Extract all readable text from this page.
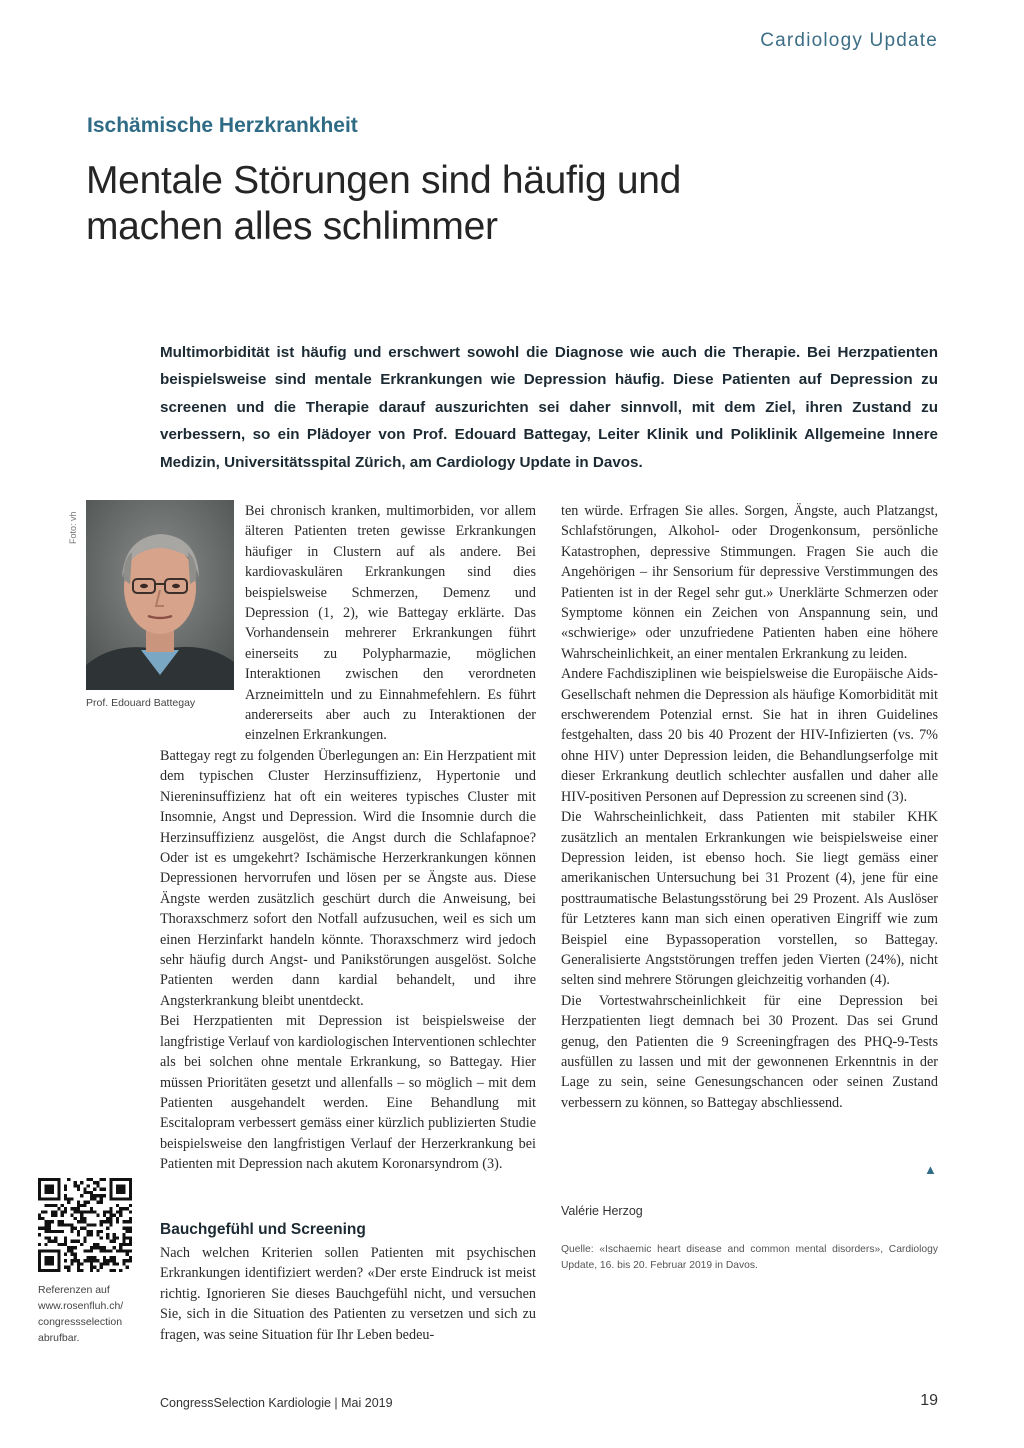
Cardiology Update
Ischämische Herzkrankheit
Mentale Störungen sind häufig und machen alles schlimmer

Multimorbidität ist häufig und erschwert sowohl die Diagnose wie auch die Therapie. Bei Herzpatienten beispielsweise sind mentale Erkrankungen wie Depression häufig. Diese Patienten auf Depression zu screenen und die Therapie darauf auszurichten sei daher sinnvoll, mit dem Ziel, ihren Zustand zu verbessern, so ein Plädoyer von Prof. Edouard Battegay, Leiter Klinik und Poliklinik Allgemeine Innere Medizin, Universitätsspital Zürich, am Cardiology Update in Davos.

Foto: vh
Prof. Edouard Battegay

Bei chronisch kranken, multimorbiden, vor allem älteren Patienten treten gewisse Erkrankungen häufiger in Clustern auf als andere. Bei kardiovaskulären Erkrankungen sind dies beispielsweise Schmerzen, Demenz und Depression (1, 2), wie Battegay erklärte. Das Vorhandensein mehrerer Erkrankungen führt einerseits zu Polypharmazie, möglichen Interaktionen zwischen den verordneten Arzneimitteln und zu Einnahmefehlern. Es führt andererseits aber auch zu Interaktionen der einzelnen Erkrankungen.

Battegay regt zu folgenden Überlegungen an: Ein Herzpatient mit dem typischen Cluster Herzinsuffizienz, Hypertonie und Niereninsuffizienz hat oft ein weiteres typisches Cluster mit Insomnie, Angst und Depression. Wird die Insomnie durch die Herzinsuffizienz ausgelöst, die Angst durch die Schlafapnoe? Oder ist es umgekehrt? Ischämische Herzerkrankungen können Depressionen hervorrufen und lösen per se Ängste aus. Diese Ängste werden zusätzlich geschürt durch die Anweisung, bei Thoraxschmerz sofort den Notfall aufzusuchen, weil es sich um einen Herzinfarkt handeln könnte. Thoraxschmerz wird jedoch sehr häufig durch Angst- und Panikstörungen ausgelöst. Solche Patienten werden dann kardial behandelt, und ihre Angsterkrankung bleibt unentdeckt.

Bei Herzpatienten mit Depression ist beispielsweise der langfristige Verlauf von kardiologischen Interventionen schlechter als bei solchen ohne mentale Erkrankung, so Battegay. Hier müssen Prioritäten gesetzt und allenfalls – so möglich – mit dem Patienten ausgehandelt werden. Eine Behandlung mit Escitalopram verbessert gemäss einer kürzlich publizierten Studie beispielsweise den langfristigen Verlauf der Herzerkrankung bei Patienten mit Depression nach akutem Koronarsyndrom (3).

Bauchgefühl und Screening

Nach welchen Kriterien sollen Patienten mit psychischen Erkrankungen identifiziert werden? «Der erste Eindruck ist meist richtig. Ignorieren Sie dieses Bauchgefühl nicht, und versuchen Sie, sich in die Situation des Patienten zu versetzen und sich zu fragen, was seine Situation für Ihr Leben bedeu-

ten würde. Erfragen Sie alles. Sorgen, Ängste, auch Platzangst, Schlafstörungen, Alkohol- oder Drogenkonsum, persönliche Katastrophen, depressive Stimmungen. Fragen Sie auch die Angehörigen – ihr Sensorium für depressive Verstimmungen des Patienten ist in der Regel sehr gut.» Unerklärte Schmerzen oder Symptome können ein Zeichen von Anspannung sein, und «schwierige» oder unzufriedene Patienten haben eine höhere Wahrscheinlichkeit, an einer mentalen Erkrankung zu leiden.

Andere Fachdisziplinen wie beispielsweise die Europäische Aids-Gesellschaft nehmen die Depression als häufige Komorbidität mit erschwerendem Potenzial ernst. Sie hat in ihren Guidelines festgehalten, dass 20 bis 40 Prozent der HIV-Infizierten (vs. 7% ohne HIV) unter Depression leiden, die Behandlungserfolge mit dieser Erkrankung deutlich schlechter ausfallen und daher alle HIV-positiven Personen auf Depression zu screenen sind (3).

Die Wahrscheinlichkeit, dass Patienten mit stabiler KHK zusätzlich an mentalen Erkrankungen wie beispielsweise einer Depression leiden, ist ebenso hoch. Sie liegt gemäss einer amerikanischen Untersuchung bei 31 Prozent (4), jene für eine posttraumatische Belastungsstörung bei 29 Prozent. Als Auslöser für Letzteres kann man sich einen operativen Eingriff wie zum Beispiel eine Bypassoperation vorstellen, so Battegay. Generalisierte Angststörungen treffen jeden Vierten (24%), nicht selten sind mehrere Störungen gleichzeitig vorhanden (4).

Die Vortestwahrscheinlichkeit für eine Depression bei Herzpatienten liegt demnach bei 30 Prozent. Das sei Grund genug, den Patienten die 9 Screeningfragen des PHQ-9-Tests ausfüllen zu lassen und mit der gewonnenen Erkenntnis in der Lage zu sein, seine Genesungschancen oder seinen Zustand verbessern zu können, so Battegay abschliessend.

▲
Valérie Herzog
Quelle: «Ischaemic heart disease and common mental disorders», Cardiology Update, 16. bis 20. Februar 2019 in Davos.
Referenzen auf www.rosenfluh.ch/ congressselection abrufbar.
CongressSelection Kardiologie | Mai 2019	19
